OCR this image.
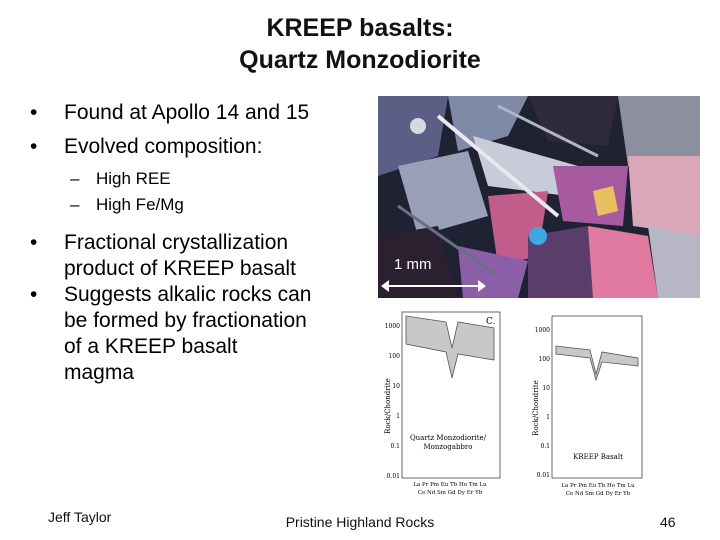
KREEP basalts:
Quartz Monzodiorite
• Found at Apollo 14 and 15
• Evolved composition:
– High REE
– High Fe/Mg
• Fractional crystallization
product of KREEP basalt
• Suggests alkalic rocks can
be formed by fractionation
of a KREEP basalt
magma
1 mm
Rock/Chondrite
1000
100
10
1
0.1
0.01
C.
Quartz Monzodiorite/
Monzogabbro
La Pr Pm Eu Tb Ho Tm Lu
Ce Nd Sm Gd Dy Er Yb
Rock/Chondrite
1000
100
10
1
0.1
0.01
KREEP Basalt
La Pr Pm Eu Tb Ho Tm Lu
Ce Nd Sm Gd Dy Er Yb
Jeff Taylor	Pristine Highland Rocks	46
